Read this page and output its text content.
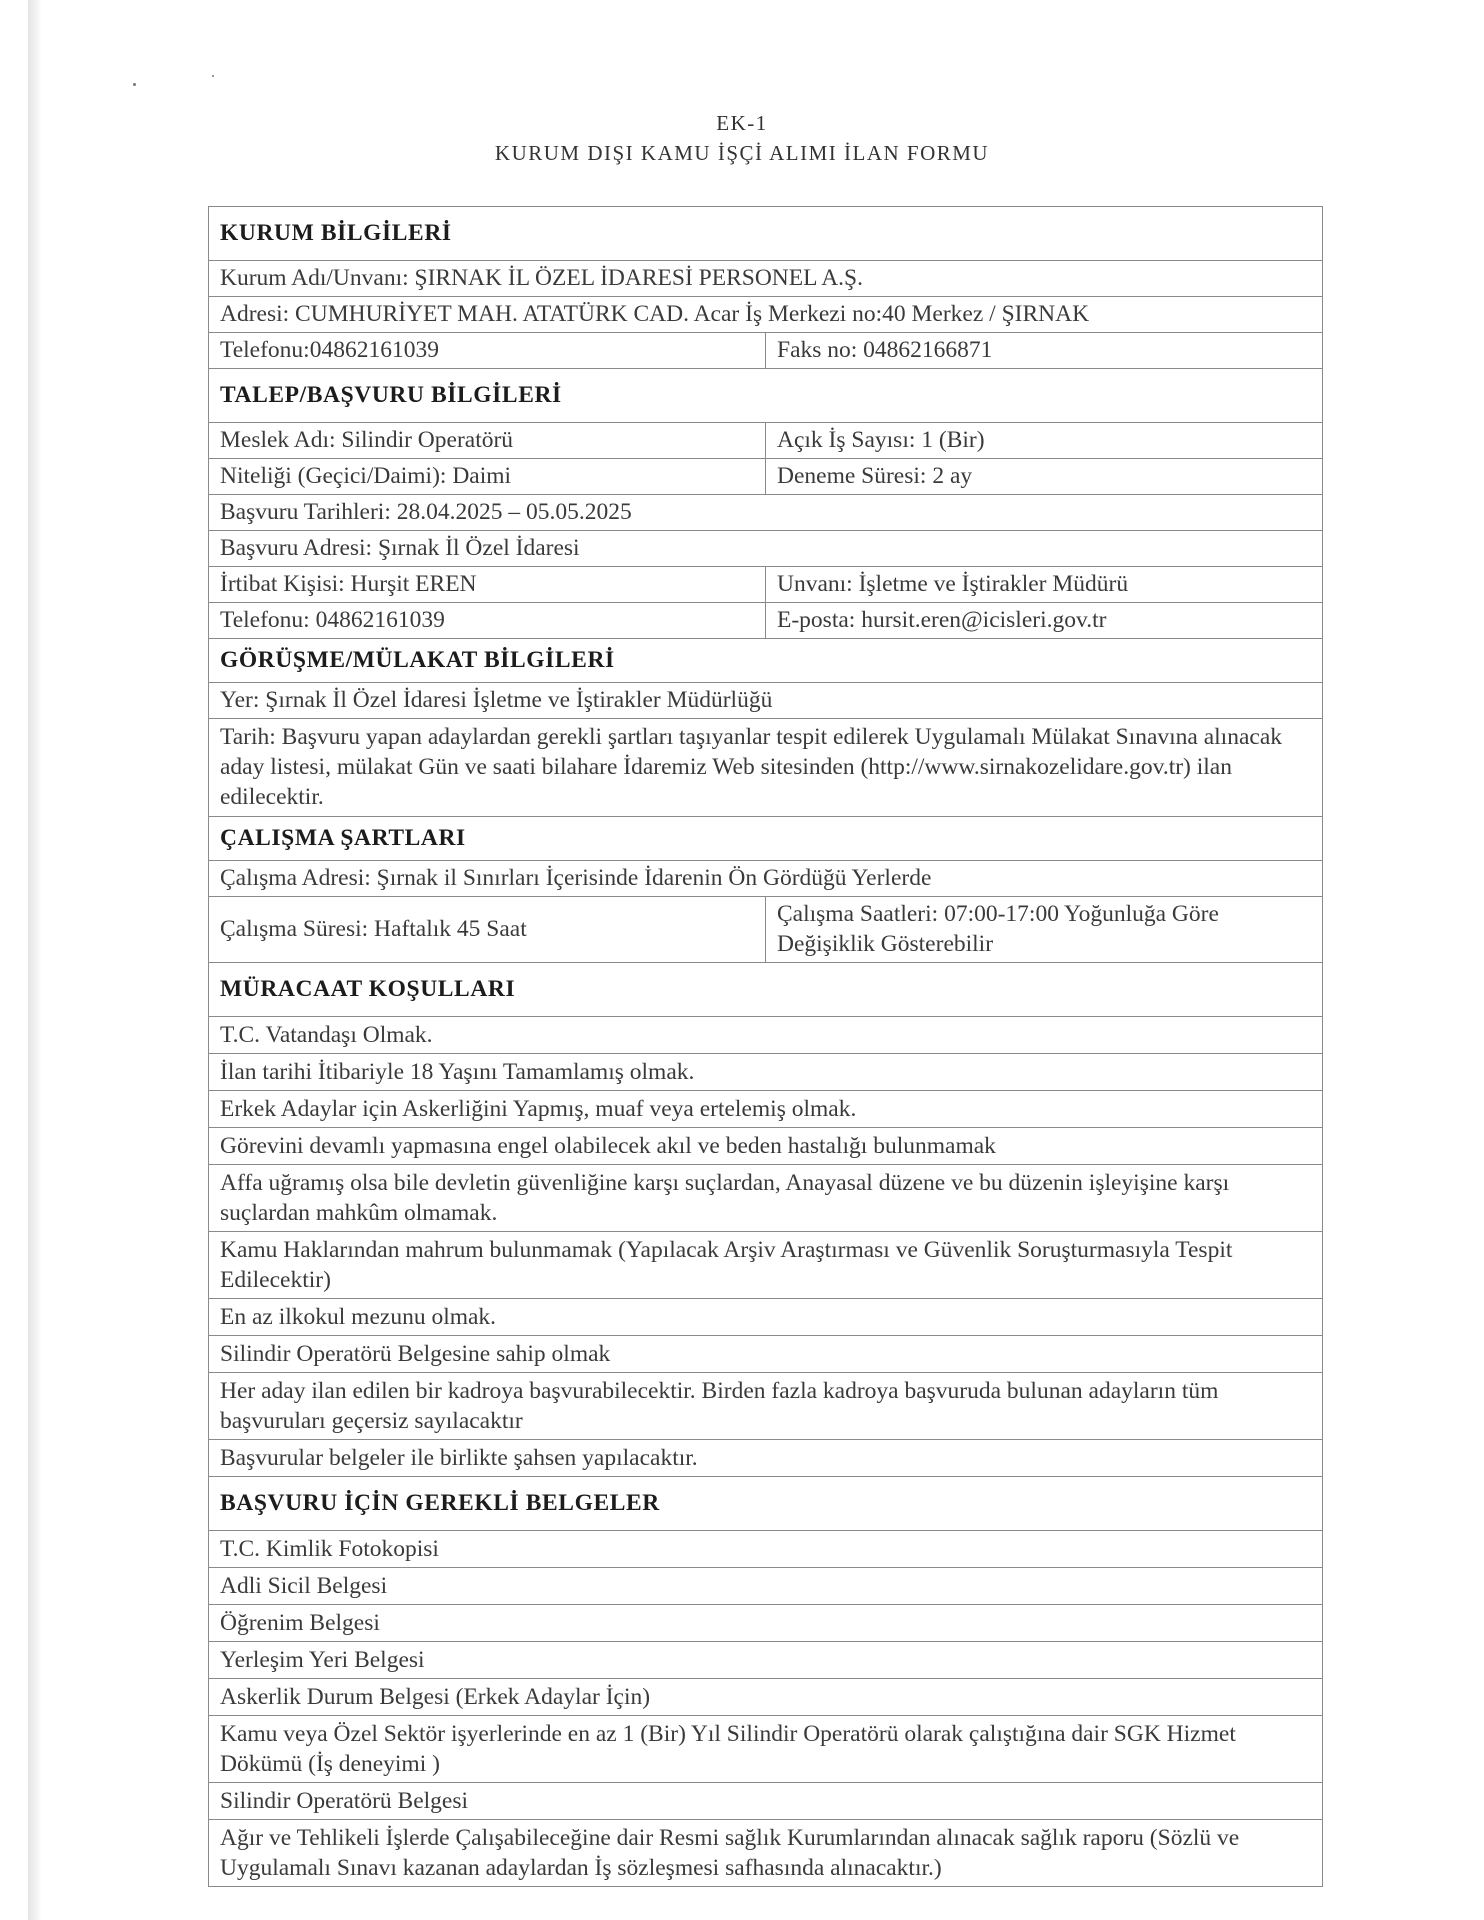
EK-1
KURUM DIŞI KAMU İŞÇİ ALIMI İLAN FORMU
KURUM BİLGİLERİ	
Kurum Adı/Unvanı: ŞIRNAK İL ÖZEL İDARESİ PERSONEL A.Ş.	
Adresi: CUMHURİYET MAH. ATATÜRK CAD. Acar İş Merkezi no:40 Merkez / ŞIRNAK	
Telefonu:04862161039	Faks no: 04862166871
TALEP/BAŞVURU BİLGİLERİ	
Meslek Adı: Silindir Operatörü	Açık İş Sayısı: 1 (Bir)
Niteliği (Geçici/Daimi): Daimi	Deneme Süresi: 2 ay
Başvuru Tarihleri: 28.04.2025 – 05.05.2025	
Başvuru Adresi: Şırnak İl Özel İdaresi	
İrtibat Kişisi: Hurşit EREN	Unvanı: İşletme ve İştirakler Müdürü
Telefonu: 04862161039	E-posta: hursit.eren@icisleri.gov.tr
GÖRÜŞME/MÜLAKAT BİLGİLERİ	
Yer: Şırnak İl Özel İdaresi İşletme ve İştirakler Müdürlüğü	
Tarih: Başvuru yapan adaylardan gerekli şartları taşıyanlar tespit edilerek Uygulamalı Mülakat Sınavına alınacak aday listesi, mülakat Gün ve saati bilahare İdaremiz Web sitesinden (http://www.sirnakozelidare.gov.tr) ilan edilecektir.	
ÇALIŞMA ŞARTLARI	
Çalışma Adresi: Şırnak il Sınırları İçerisinde İdarenin Ön Gördüğü Yerlerde	
Çalışma Süresi: Haftalık 45 Saat	Çalışma Saatleri: 07:00-17:00 Yoğunluğa Göre Değişiklik Gösterebilir
MÜRACAAT KOŞULLARI	
T.C. Vatandaşı Olmak.	
İlan tarihi İtibariyle 18 Yaşını Tamamlamış olmak.	
Erkek Adaylar için Askerliğini Yapmış, muaf veya ertelemiş olmak.	
Görevini devamlı yapmasına engel olabilecek akıl ve beden hastalığı bulunmamak	
Affa uğramış olsa bile devletin güvenliğine karşı suçlardan, Anayasal düzene ve bu düzenin işleyişine karşı suçlardan mahkûm olmamak.	
Kamu Haklarından mahrum bulunmamak (Yapılacak Arşiv Araştırması ve Güvenlik Soruşturmasıyla Tespit Edilecektir)	
En az ilkokul mezunu olmak.	
Silindir Operatörü Belgesine sahip olmak	
Her aday ilan edilen bir kadroya başvurabilecektir. Birden fazla kadroya başvuruda bulunan adayların tüm başvuruları geçersiz sayılacaktır	
Başvurular belgeler ile birlikte şahsen yapılacaktır.	
BAŞVURU İÇİN GEREKLİ BELGELER	
T.C. Kimlik Fotokopisi	
Adli Sicil Belgesi	
Öğrenim Belgesi	
Yerleşim Yeri Belgesi	
Askerlik Durum Belgesi (Erkek Adaylar İçin)	
Kamu veya Özel Sektör işyerlerinde en az 1 (Bir) Yıl Silindir Operatörü olarak çalıştığına dair SGK Hizmet Dökümü (İş deneyimi )	
Silindir Operatörü Belgesi	
Ağır ve Tehlikeli İşlerde Çalışabileceğine dair Resmi sağlık Kurumlarından alınacak sağlık raporu (Sözlü ve Uygulamalı Sınavı kazanan adaylardan İş sözleşmesi safhasında alınacaktır.)	
